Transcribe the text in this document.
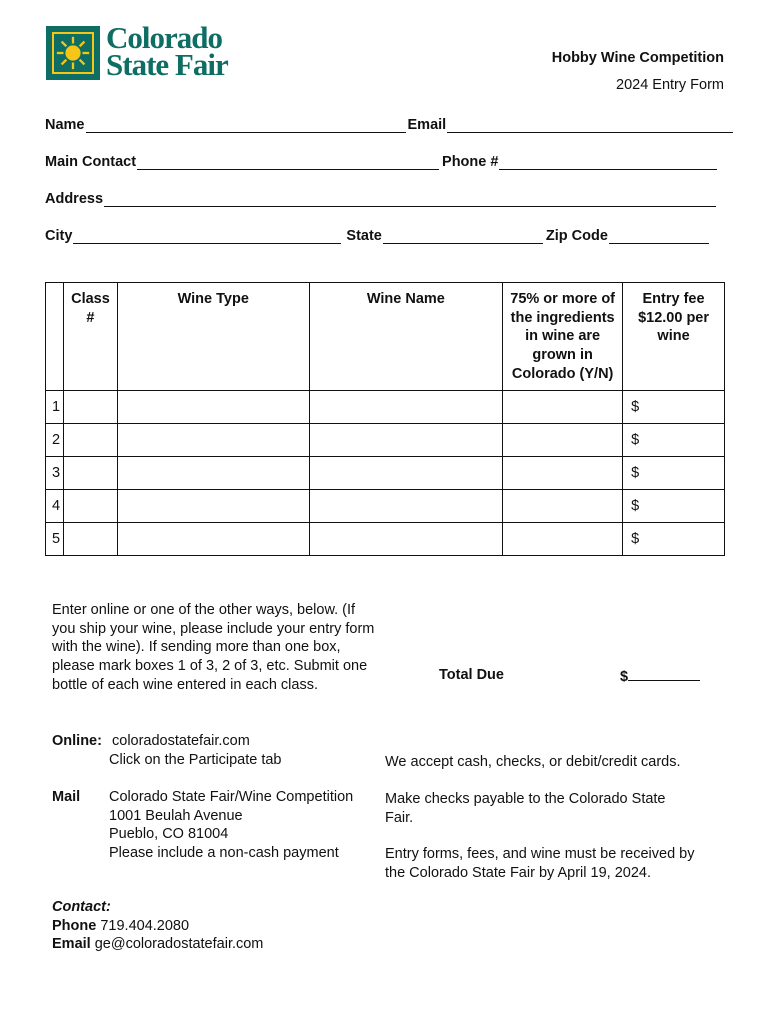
Colorado
State Fair	Hobby Wine Competition
2024 Entry Form
Name	Email
Main Contact	Phone #
Address
City	State	Zip Code
	Class #	Wine Type	Wine Name	75% or more of the ingredients in wine are grown in Colorado (Y/N)	Entry fee $12.00 per wine
1					$
2					$
3					$
4					$
5					$
Enter online or one of the other ways, below. (If you ship your wine, please include your entry form with the wine). If sending more than one box, please mark boxes 1 of 3, 2 of 3, etc. Submit one bottle of each wine entered in each class.
Total Due	$
Online: coloradostatefair.com
Click on the Participate tab
Mail Colorado State Fair/Wine Competition
1001 Beulah Avenue
Pueblo, CO 81004
Please include a non-cash payment
We accept cash, checks, or debit/credit cards.
Make checks payable to the Colorado State Fair.
Entry forms, fees, and wine must be received by the Colorado State Fair by April 19, 2024.
Contact:
Phone 719.404.2080
Email ge@coloradostatefair.com
